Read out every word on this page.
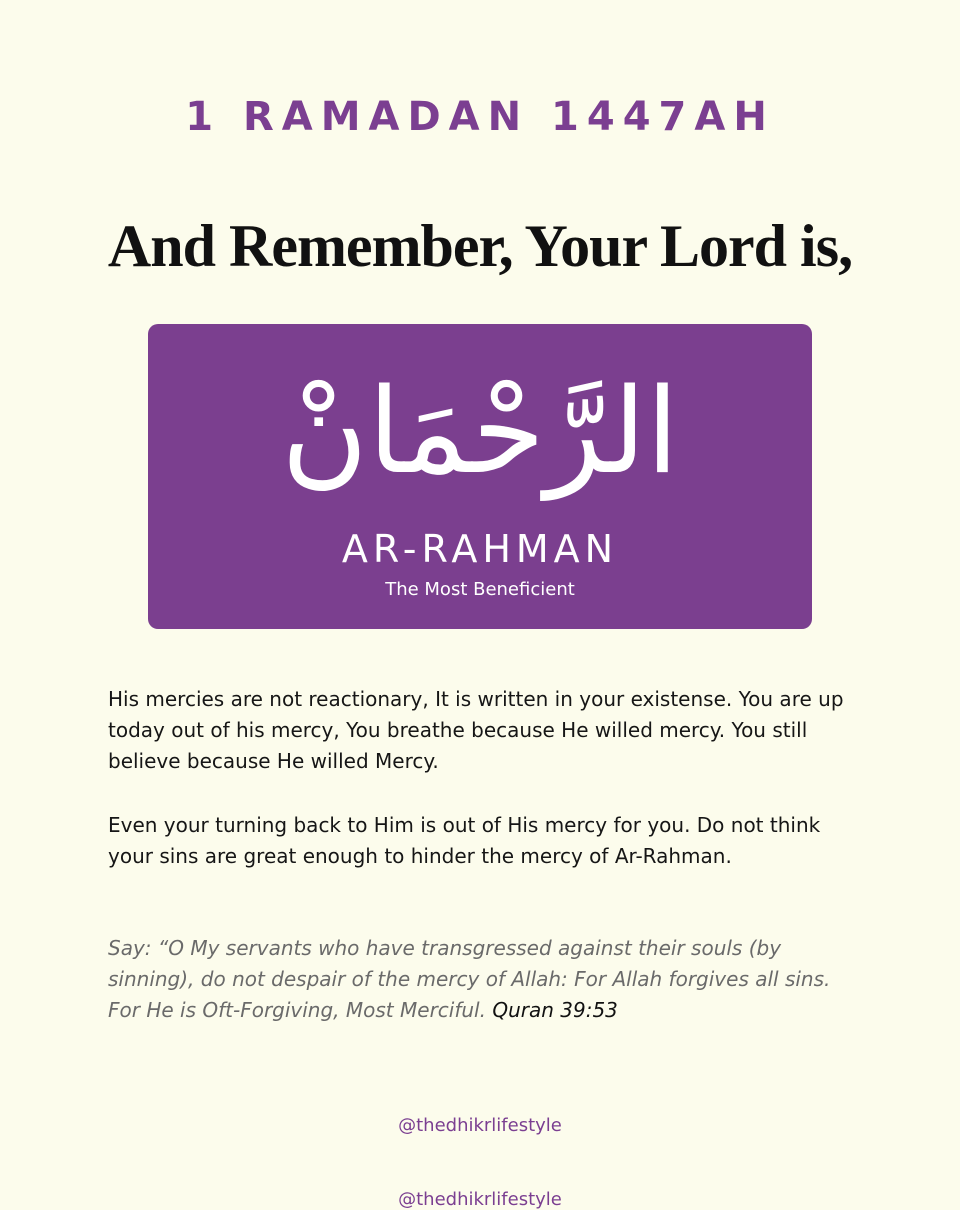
1 RAMADAN 1447AH
And Remember, Your Lord is,
الرَّحْمَانْ
AR-RAHMAN
The Most Beneficient

His mercies are not reactionary, It is written in your existense. You are up today out of his mercy, You breathe because He willed mercy. You still believe because He willed Mercy.

Even your turning back to Him is out of His mercy for you. Do not think your sins are great enough to hinder the mercy of Ar-Rahman.

Say: “O My servants who have transgressed against their souls (by sinning), do not despair of the mercy of Allah: For Allah forgives all sins. For He is Oft-Forgiving, Most Merciful. Quran 39:53

@thedhikrlifestyle
@thedhikrlifestyle
